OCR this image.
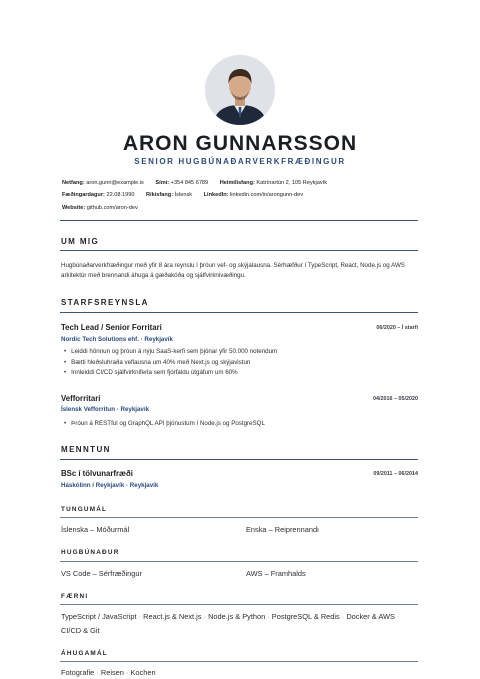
ARON GUNNARSSON
SENIOR HUGBÚNAÐARVERKFRÆÐINGUR
Netfang: aron.gunn@example.is Sími: +354 845 6789 Heimilisfang: Katrínartún 2, 105 Reykjavík
Fæðingardagur: 22.08.1990 Ríkisfang: Íslensk LinkedIn: linkedin.com/in/arongunn-dev
Website: github.com/aron-dev
UM MIG
Hugbúnaðarverkfræðingur með yfir 8 ára reynslu í þróun vef- og skýjalausna. Sérhæfður í TypeScript, React, Node.js og AWS arkitektúr með brennandi áhuga á gæðakóða og sjálfvirknivæðingu.
STARFSREYNSLA
Tech Lead / Senior Forritari	06/2020 – Í starfi
Nordic Tech Solutions ehf. · Reykjavík
• Leiddi hönnun og þróun á nýju SaaS-kerfi sem þjónar yfir 50.000 notendum
• Bætti hleðsluhraða veflausna um 40% með Next.js og skýjavistun
• Innleiddi CI/CD sjálfvirkniferla sem fjórfaldu útgáfum um 60%
Vefforritari	04/2016 – 05/2020
Íslensk Vefforritun · Reykjavík
• Þróun á RESTful og GraphQL API þjónustum í Node.js og PostgreSQL
MENNTUN
BSc í tölvunarfræði	09/2011 – 06/2014
Háskólinn í Reykjavík · Reykjavík
TUNGUMÁL
Íslenska – Móðurmál	Enska – Reiprennandi
HUGBÚNAÐUR
VS Code – Sérfræðingur	AWS – Framhalds
FÆRNI
TypeScript / JavaScript · React.js & Next.js · Node.js & Python · PostgreSQL & Redis · Docker & AWS · CI/CD & Git
ÁHUGAMÁL
Fotografie · Reisen · Kochen
